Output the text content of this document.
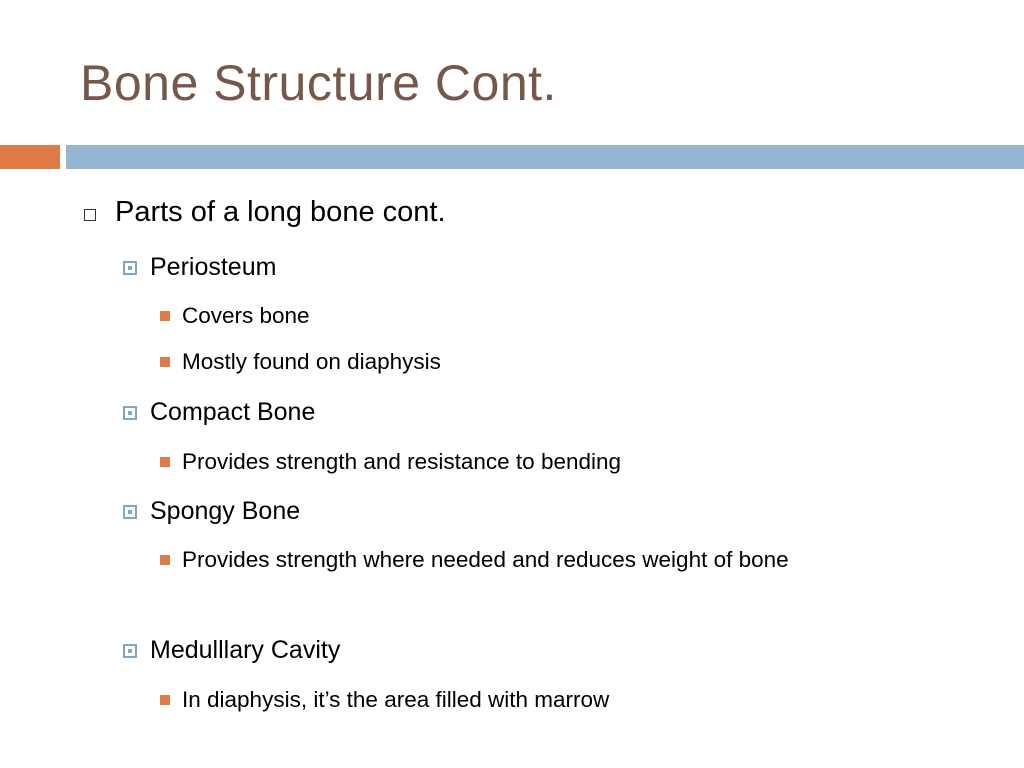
Bone Structure Cont.
Parts of a long bone cont.
Periosteum
Covers bone
Mostly found on diaphysis
Compact Bone
Provides strength and resistance to bending
Spongy Bone
Provides strength where needed and reduces weight of bone
Medulllary Cavity
In diaphysis, it’s the area filled with marrow
